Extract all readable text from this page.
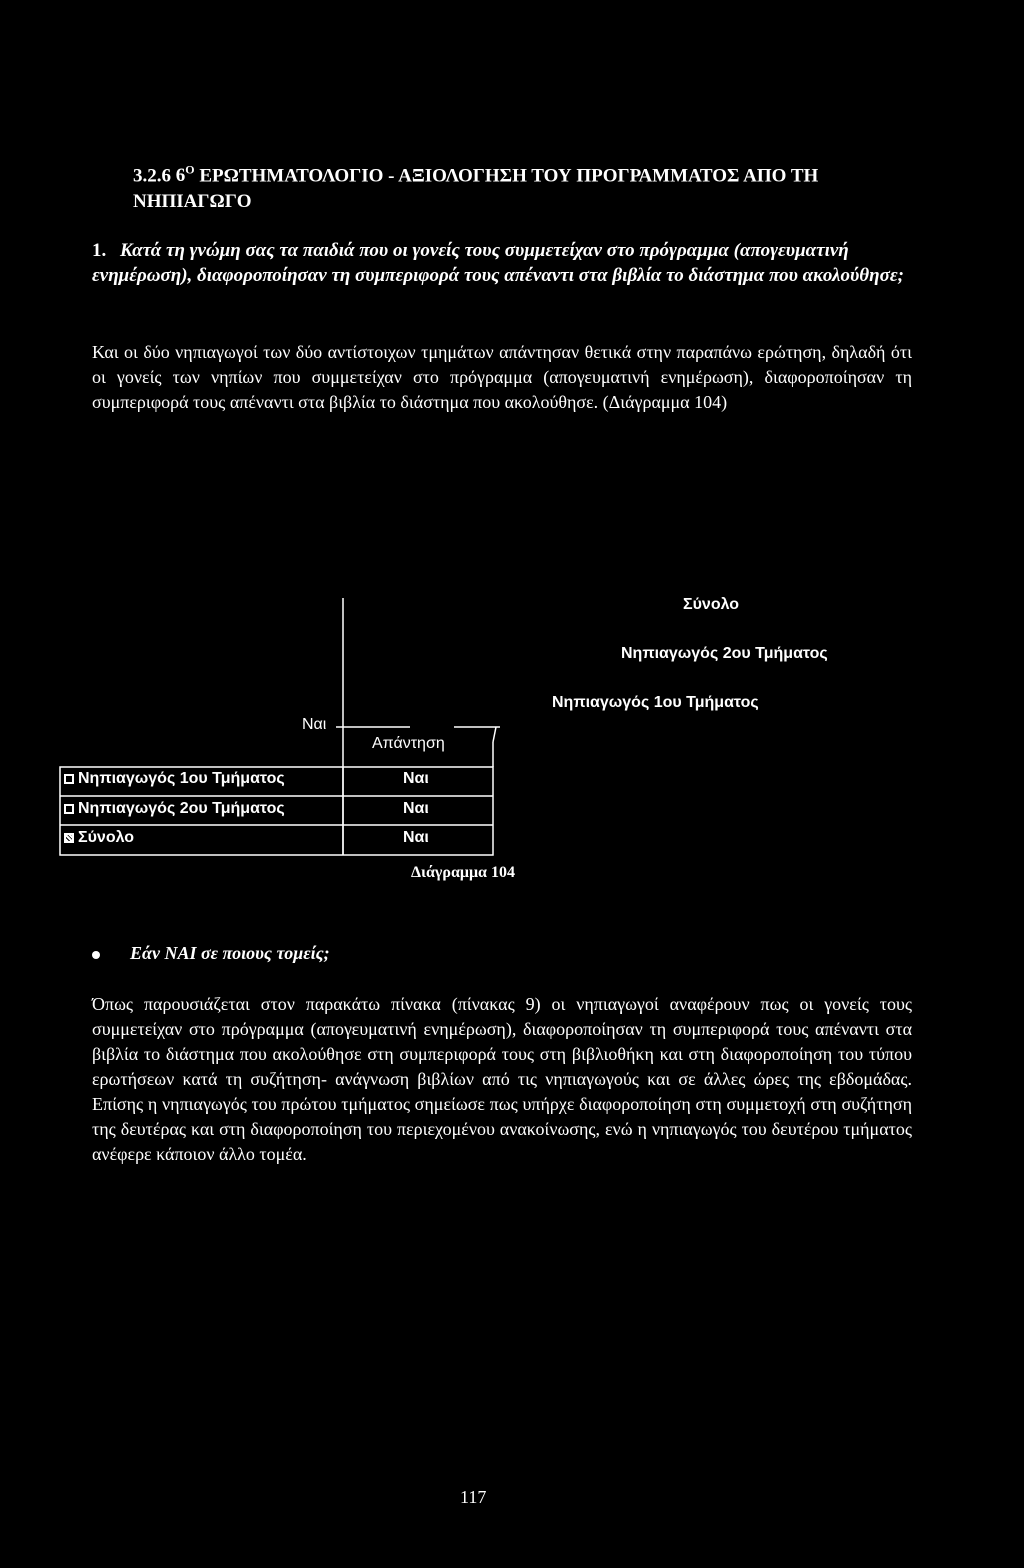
3.2.6 $6^O$ ΕΡΩΤΗΜΑΤΟΛΟΓΙΟ - ΑΞΙΟΛΟΓΗΣΗ ΤΟΥ ΠΡΟΓΡΑΜΜΑΤΟΣ ΑΠΟ ΤΗ ΝΗΠΙΑΓΩΓΟ
1. Κατά τη γνώμη σας τα παιδιά που οι γονείς τους συμμετείχαν στο πρόγραμμα (απογευματινή ενημέρωση), διαφοροποίησαν τη συμπεριφορά τους απέναντι στα βιβλία το διάστημα που ακολούθησε;
Και οι δύο νηπιαγωγοί των δύο αντίστοιχων τμημάτων απάντησαν θετικά στην παραπάνω ερώτηση, δηλαδή ότι οι γονείς των νηπίων που συμμετείχαν στο πρόγραμμα (απογευματινή ενημέρωση), διαφοροποίησαν τη συμπεριφορά τους απέναντι στα βιβλία το διάστημα που ακολούθησε. (Διάγραμμα 104)
Σύνολο
Νηπιαγωγός 2ου Τμήματος
Νηπιαγωγός 1ου Τμήματος
Ναι
Απάντηση
Νηπιαγωγός 1ου Τμήματος	Ναι
Νηπιαγωγός 2ου Τμήματος	Ναι
Σύνολο	Ναι
Διάγραμμα 104
Εάν ΝΑΙ σε ποιους τομείς;
Όπως παρουσιάζεται στον παρακάτω πίνακα (πίνακας 9) οι νηπιαγωγοί αναφέρουν πως οι γονείς τους συμμετείχαν στο πρόγραμμα (απογευματινή ενημέρωση), διαφοροποίησαν τη συμπεριφορά τους απέναντι στα βιβλία το διάστημα που ακολούθησε στη συμπεριφορά τους στη βιβλιοθήκη και στη διαφοροποίηση του τύπου ερωτήσεων κατά τη συζήτηση- ανάγνωση βιβλίων από τις νηπιαγωγούς και σε άλλες ώρες της εβδομάδας. Επίσης η νηπιαγωγός του πρώτου τμήματος σημείωσε πως υπήρχε διαφοροποίηση στη συμμετοχή στη συζήτηση της δευτέρας και στη διαφοροποίηση του περιεχομένου ανακοίνωσης, ενώ η νηπιαγωγός του δευτέρου τμήματος ανέφερε κάποιον άλλο τομέα.
117
